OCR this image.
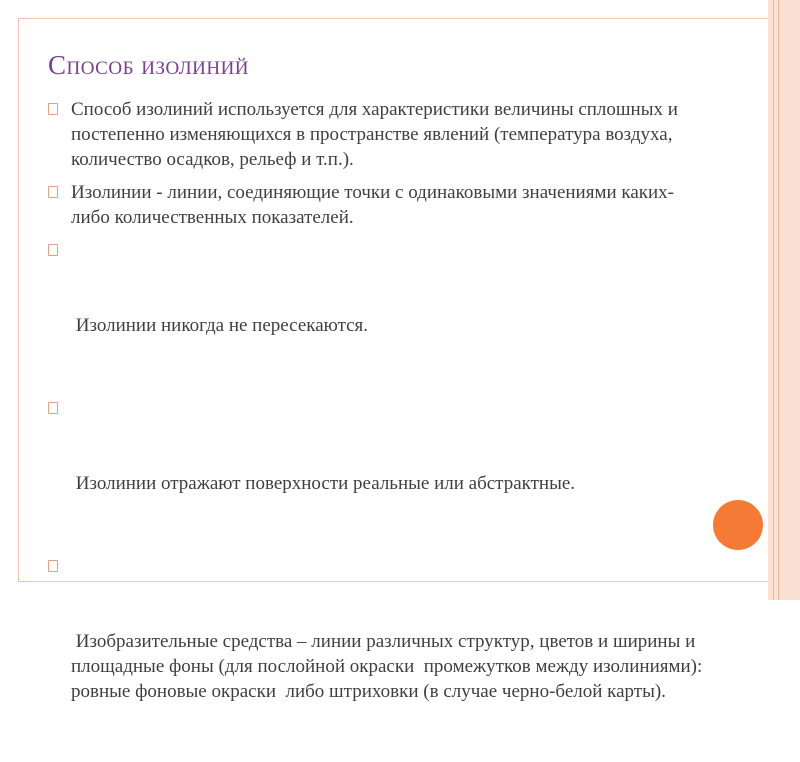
Способ изолиний
Способ изолиний используется для характеристики величины сплошных и постепенно изменяющихся в пространстве явлений (температура воздуха, количество осадков, рельеф и т.п.).
Изолинии - линии, соединяющие точки с одинаковыми значениями каких-либо количественных показателей.

Изолинии никогда не пересекаются.

Изолинии отражают поверхности реальные или абстрактные.

Изобразительные средства – линии различных структур, цветов и ширины и площадные фоны (для послойной окраски  промежутков между изолиниями): ровные фоновые окраски  либо штриховки (в случае черно-белой карты).
